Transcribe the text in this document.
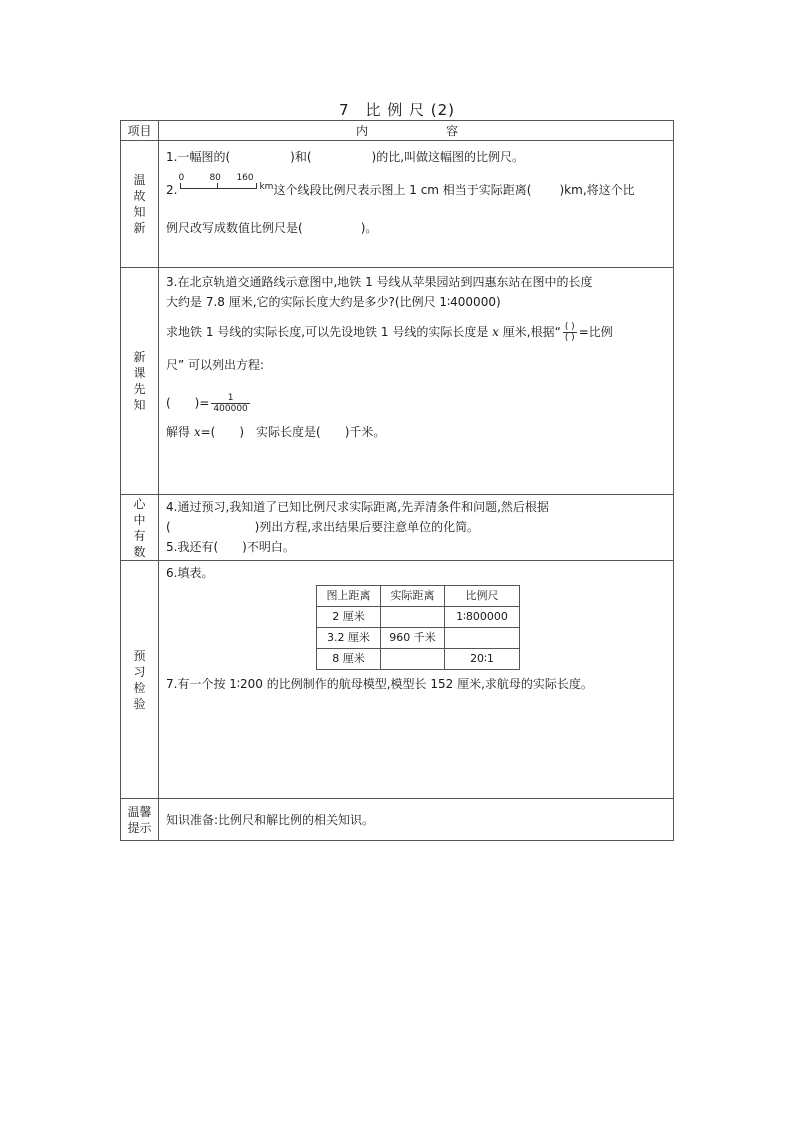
7　比 例 尺 (2)
项目	内　　容

温
故
知
新

1.一幅图的(	)和(	)的比,叫做这幅图的比例尺。
2.
0	80 160
$^{km}$这个线段比例尺表示图上 1 cm 相当于实际距离( )km,将这个比
例尺改写成数值比例尺是(	)。

新
课
先
知

3.在北京轨道交通路线示意图中,地铁 1 号线从苹果园站到四惠东站在图中的长度
大约是 7.8 厘米,它的实际长度大约是多少?(比例尺 1∶400000)
求地铁 1 号线的实际长度,可以先设地铁 1 号线的实际长度是 x 厘米,根据“ $\frac{( )}{( )}$ =比例
尺” 可以列出方程:
(　　)= $\frac{1}{400000}$
解得 x=(　　)　实际长度是(　　)千米。

心
中
有
数

4.通过预习,我知道了已知比例尺求实际距离,先弄清条件和问题,然后根据
(　　　　　　　)列出方程,求出结果后要注意单位的化简。
5.我还有(　　)不明白。

预
习
检
验

6.填表。
图上距离	实际距离	比例尺
2 厘米		1∶800000
3.2 厘米	960 千米	
8 厘米		20∶1
7.有一个按 1∶200 的比例制作的航母模型,模型长 152 厘米,求航母的实际长度。

温馨
提示

知识准备:比例尺和解比例的相关知识。
